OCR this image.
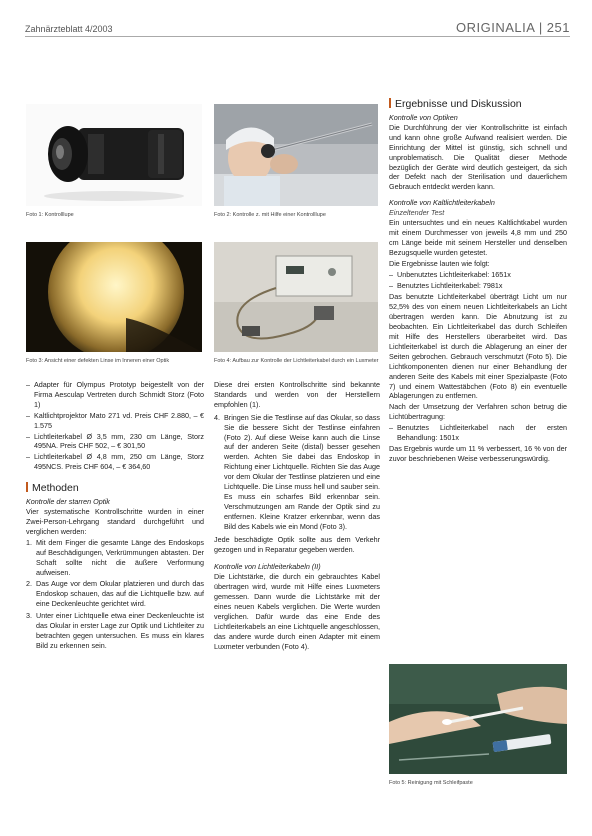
Zahnärzteblatt 4/2003	ORIGINALIA | 251
Foto 1: Kontrolllupe	Foto 2: Kontrolle z. mit Hilfe einer Kontrolllupe
Foto 3: Ansicht einer defekten Linse im Inneren einer Optik	Foto 4: Aufbau zur Kontrolle der Lichtleiterkabel durch ein Luxmeter
– Adapter für Olympus Prototyp beigestellt von der Firma Aesculap Vertreten durch Schmidt Storz (Foto 1)
– Kaltlichtprojektor Mato 271 vd. Preis CHF 2.880, – € 1.575
– Lichtleiterkabel Ø 3,5 mm, 230 cm Länge, Storz 495NA. Preis CHF 502, – € 301,50
– Lichtleiterkabel Ø 4,8 mm, 250 cm Länge, Storz 495NCS. Preis CHF 604, – € 364,60
Methoden
Kontrolle der starren Optik

Vier systematische Kontrollschritte wurden in einer Zwei-Person-Lehrgang standard durchgeführt und verglichen werden:

1. Mit dem Finger die gesamte Länge des Endoskops auf Beschädigungen, Verkrümmungen abtasten. Der Schaft sollte nicht die äußere Verformung aufweisen.
2. Das Auge vor dem Okular platzieren und durch das Endoskop schauen, das auf die Lichtquelle bzw. auf eine Deckenleuchte gerichtet wird.
3. Unter einer Lichtquelle etwa einer Deckenleuchte ist das Okular in erster Lage zur Optik und Lichtleiter zu betrachten gegen untersuchen. Es muss ein klares Bild zu erkennen sein.

Diese drei ersten Kontrollschritte sind bekannte Standards und werden von der Herstellern empfohlen (1).

4. Bringen Sie die Testlinse auf das Okular, so dass Sie die bessere Sicht der Testlinse einfahren (Foto 2). Auf diese Weise kann auch die Linse auf der anderen Seite (distal) besser gesehen werden. Achten Sie dabei das Endoskop in Richtung einer Lichtquelle. Richten Sie das Auge vor dem Okular der Testlinse platzieren und eine Lichtquelle. Die Linse muss hell und sauber sein. Es muss ein scharfes Bild erkennbar sein. Verschmutzungen am Rande der Optik sind zu entfernen. Kleine Kratzer erkennbar, wenn das Bild des Kabels wie ein Mond (Foto 3).

Jede beschädigte Optik sollte aus dem Verkehr gezogen und in Reparatur gegeben werden.

Kontrolle von Lichtleiterkabeln (II)

Die Lichtstärke, die durch ein gebrauchtes Kabel übertragen wird, wurde mit Hilfe eines Luxmeters gemessen. Dann wurde die Lichtstärke mit der eines neuen Kabels verglichen. Die Werte wurden verglichen. Dafür wurde das eine Ende des Lichtleiterkabels an eine Lichtquelle angeschlossen, das andere wurde durch einen Adapter mit einem Luxmeter verbunden (Foto 4).

Ergebnisse und Diskussion
Kontrolle von Optiken

Die Durchführung der vier Kontrollschritte ist einfach und kann ohne große Aufwand realisiert werden. Die Einrichtung der Mittel ist günstig, sich schnell und unproblematisch. Die Qualität dieser Methode bezüglich der Geräte wird deutlich gesteigert, da sich der Defekt nach der Sterilisation und dauerlichem Gebrauch entdeckt werden kann.

Kontrolle von Kaltlichtleiterkabeln
Einzeltender Test

Ein untersuchtes und ein neues Kaltlichtkabel wurden mit einem Durchmesser von jeweils 4,8 mm und 250 cm Länge beide mit seinem Hersteller und denselben Bezugsquelle wurden getestet.

Die Ergebnisse lauten wie folgt:

– Unbenutztes Lichtleiterkabel: 1651x
– Benutztes Lichtleiterkabel: 7981x

Das benutzte Lichtleiterkabel überträgt Licht um nur 52,5% des von einem neuen Lichtleiterkabels an Licht übertragen werden kann. Die Abnutzung ist zu beobachten. Ein Lichtleiterkabel das durch Schleifen mit Hilfe des Herstellers überarbeitet wird. Das Lichtleiterkabel ist durch die Ablagerung an einer der Seiten gebrochen. Gebrauch verschmutzt (Foto 5). Die Lichtkomponenten dienen nur einer Behandlung der anderen Seite des Kabels mit einer Spezialpaste (Foto 7) und einem Wattestäbchen (Foto 8) ein eventuelle Ablagerungen zu entfernen.

Nach der Umsetzung der Verfahren schon betrug die Lichtübertragung:

– Benutztes Lichtleiterkabel nach der ersten Behandlung: 1501x

Das Ergebnis wurde um 11 % verbessert, 16 % von der zuvor beschriebenen Weise verbesserungswürdig.

Foto 5: Reinigung mit Schleifpaste
